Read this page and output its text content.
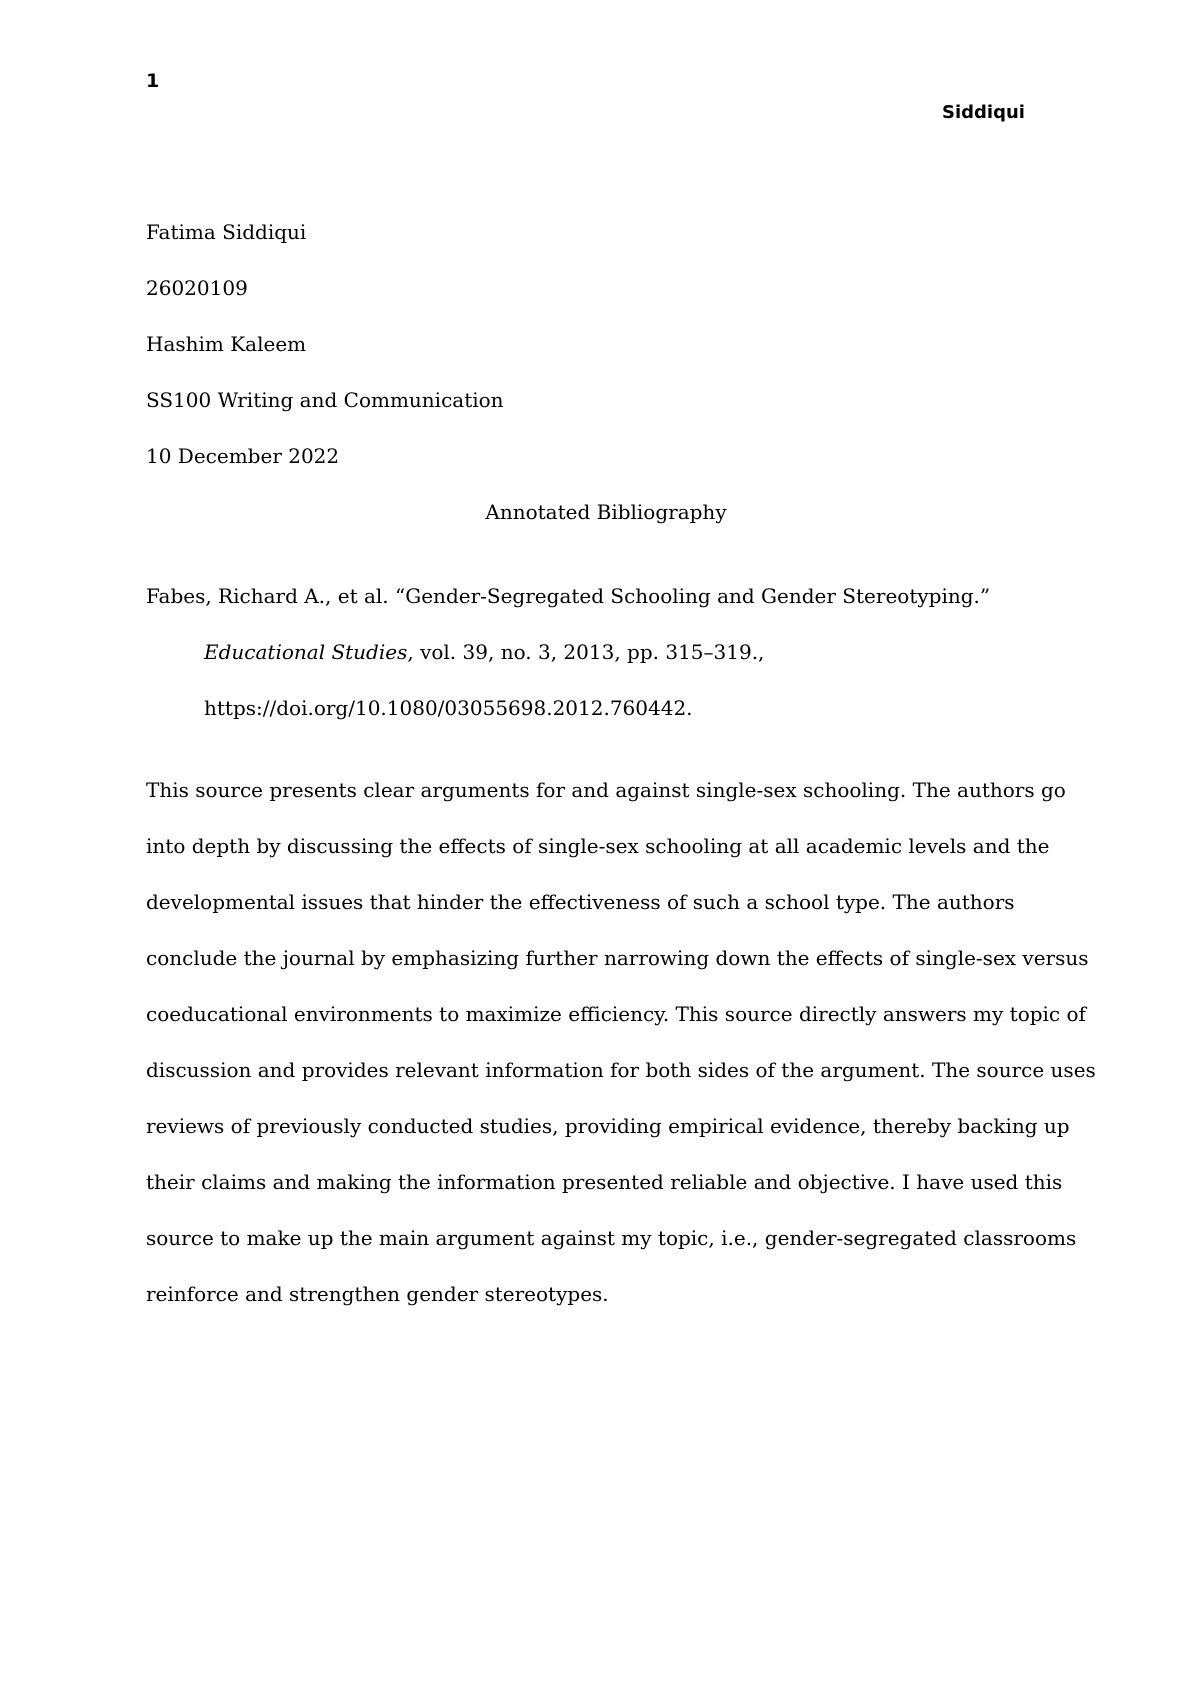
1
Siddiqui
Fatima Siddiqui
26020109
Hashim Kaleem
SS100 Writing and Communication
10 December 2022
Annotated Bibliography
Fabes, Richard A., et al. “Gender-Segregated Schooling and Gender Stereotyping.”
Educational Studies, vol. 39, no. 3, 2013, pp. 315–319.,
https://doi.org/10.1080/03055698.2012.760442.
This source presents clear arguments for and against single-sex schooling. The authors go
into depth by discussing the effects of single-sex schooling at all academic levels and the
developmental issues that hinder the effectiveness of such a school type. The authors
conclude the journal by emphasizing further narrowing down the effects of single-sex versus
coeducational environments to maximize efficiency. This source directly answers my topic of
discussion and provides relevant information for both sides of the argument. The source uses
reviews of previously conducted studies, providing empirical evidence, thereby backing up
their claims and making the information presented reliable and objective. I have used this
source to make up the main argument against my topic, i.e., gender-segregated classrooms
reinforce and strengthen gender stereotypes.
